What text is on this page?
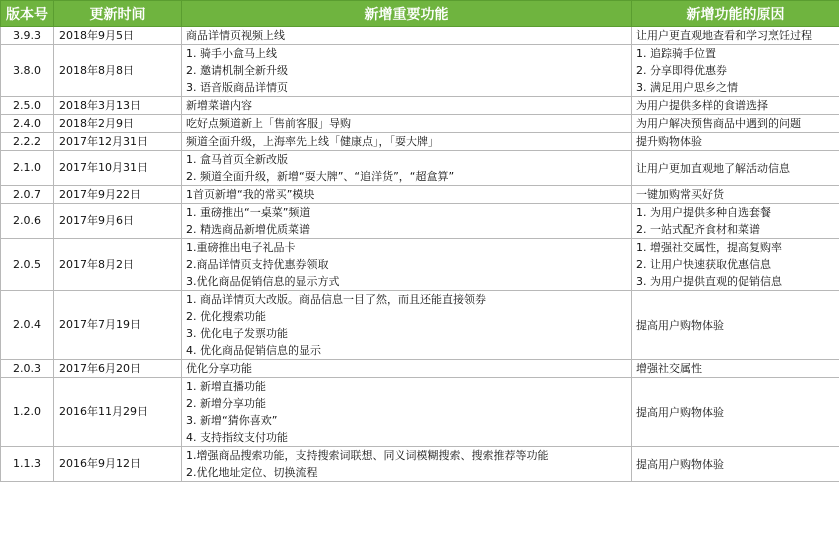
版本号	更新时间	新增重要功能	新增功能的原因
3.9.3	2018年9月5日	商品详情页视频上线	让用户更直观地查看和学习烹饪过程

3.8.0	2018年8月8日	1. 骑手小盒马上线
2. 邀请机制全新升级
3. 语音版商品详情页	1. 追踪骑手位置
2. 分享即得优惠券
3. 满足用户思乡之情

2.5.0	2018年3月13日	新增菜谱内容	为用户提供多样的食谱选择

2.4.0	2018年2月9日	吃好点频道新上「售前客服」导购	为用户解决预售商品中遇到的问题

2.2.2	2017年12月31日	频道全面升级，上海率先上线「健康点」，「耍大牌」	提升购物体验

2.1.0	2017年10月31日	1. 盒马首页全新改版
2. 频道全面升级，新增“耍大牌”、“追洋货”，“超盒算”	让用户更加直观地了解活动信息

2.0.7	2017年9月22日	1首页新增“我的常买”模块	一键加购常买好货

2.0.6	2017年9月6日	1. 重磅推出“一桌菜”频道
2. 精选商品新增优质菜谱	1. 为用户提供多种自选套餐
2. 一站式配齐食材和菜谱

2.0.5	2017年8月2日	1.重磅推出电子礼品卡
2.商品详情页支持优惠券领取
3.优化商品促销信息的显示方式	1. 增强社交属性，提高复购率
2. 让用户快速获取优惠信息
3. 为用户提供直观的促销信息

2.0.4	2017年7月19日	1. 商品详情页大改版。商品信息一目了然，而且还能直接领券
2. 优化搜索功能
3. 优化电子发票功能
4. 优化商品促销信息的显示	提高用户购物体验

2.0.3	2017年6月20日	优化分享功能	增强社交属性

1.2.0	2016年11月29日	1. 新增直播功能
2. 新增分享功能
3. 新增“猜你喜欢”
4. 支持指纹支付功能	提高用户购物体验

1.1.3	2016年9月12日	1.增强商品搜索功能，支持搜索词联想、同义词模糊搜索、搜索推荐等功能
2.优化地址定位、切换流程	提高用户购物体验
